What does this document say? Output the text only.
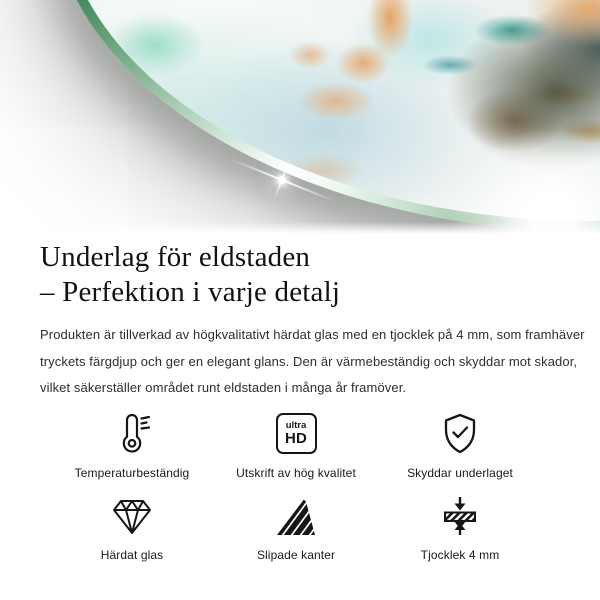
Underlag för eldstaden
– Perfektion i varje detalj

Produkten är tillverkad av högkvalitativt härdat glas med en tjocklek på 4 mm, som framhäver
tryckets färgdjup och ger en elegant glans. Den är värmebeständig och skyddar mot skador,
vilket säkerställer området runt eldstaden i många år framöver.

Temperaturbeständig
ultra
HD
Utskrift av hög kvalitet	Skyddar underlaget
Härdat glas	Slipade kanter	Tjocklek 4 mm
